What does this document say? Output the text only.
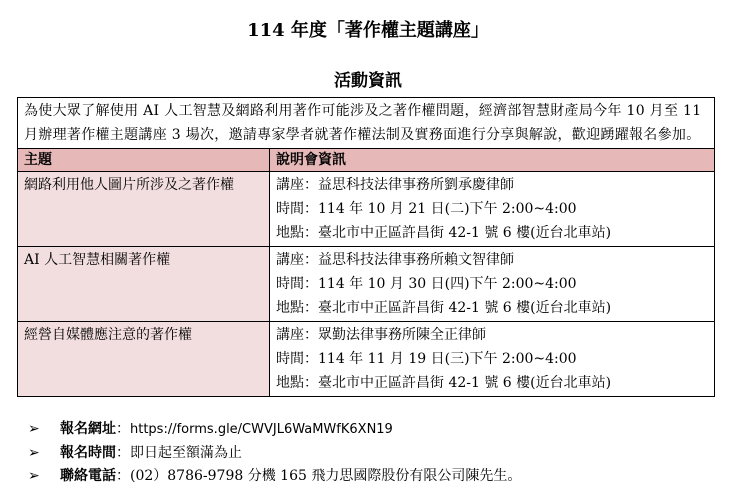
114 年度「著作權主題講座」
活動資訊
為使大眾了解使用 AI 人工智慧及網路利用著作可能涉及之著作權問題，經濟部智慧財產局今年 10 月至 11 月辦理著作權主題講座 3 場次，邀請專家學者就著作權法制及實務面進行分享與解說，歡迎踴躍報名參加。	
主題	說明會資訊
網路利用他人圖片所涉及之著作權	講座：益思科技法律事務所劉承慶律師
時間：114 年 10 月 21 日(二)下午 2:00~4:00
地點：臺北市中正區許昌街 42-1 號 6 樓(近台北車站)

AI 人工智慧相關著作權	講座：益思科技法律事務所賴文智律師
時間：114 年 10 月 30 日(四)下午 2:00~4:00
地點：臺北市中正區許昌街 42-1 號 6 樓(近台北車站)

經營自媒體應注意的著作權	講座：眾勤法律事務所陳全正律師
時間：114 年 11 月 19 日(三)下午 2:00~4:00
地點：臺北市中正區許昌街 42-1 號 6 樓(近台北車站)
➢ 報名網址：https://forms.gle/CWVJL6WaMWfK6XN19
➢ 報名時間：即日起至額滿為止
➢ 聯絡電話：(02）8786-9798 分機 165 飛力思國際股份有限公司陳先生。
